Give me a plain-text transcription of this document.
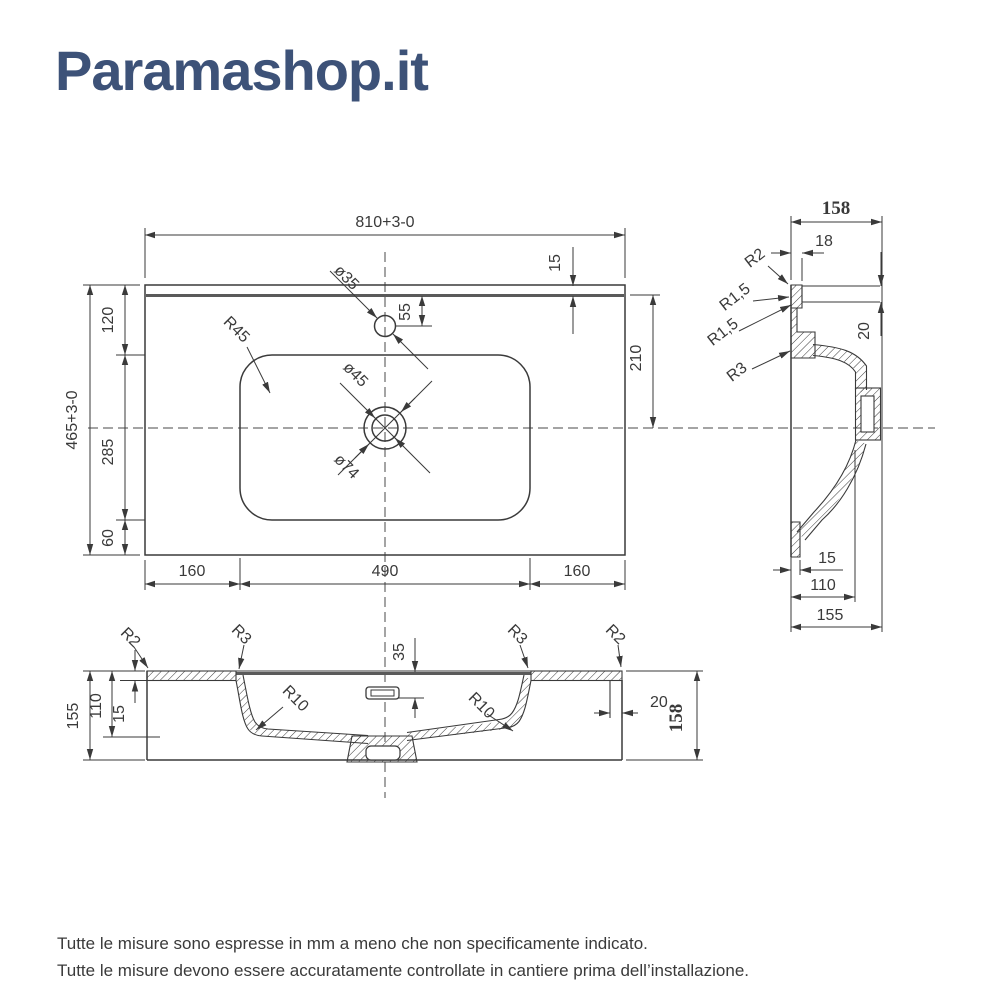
Paramashop.it
810+3-0
15
55
210
120
285
60
465+3-0
160	490	160
ø35
R45
ø45
ø74
158
18
R2
R1,5
R1,5
R3
20
15
110
155
155 110 15
R2	R3	R3	R2
R10	R10
35
20
158
Tutte le misure sono espresse in mm a meno che non specificamente indicato.
Tutte le misure devono essere accuratamente controllate in cantiere prima dell’installazione.
